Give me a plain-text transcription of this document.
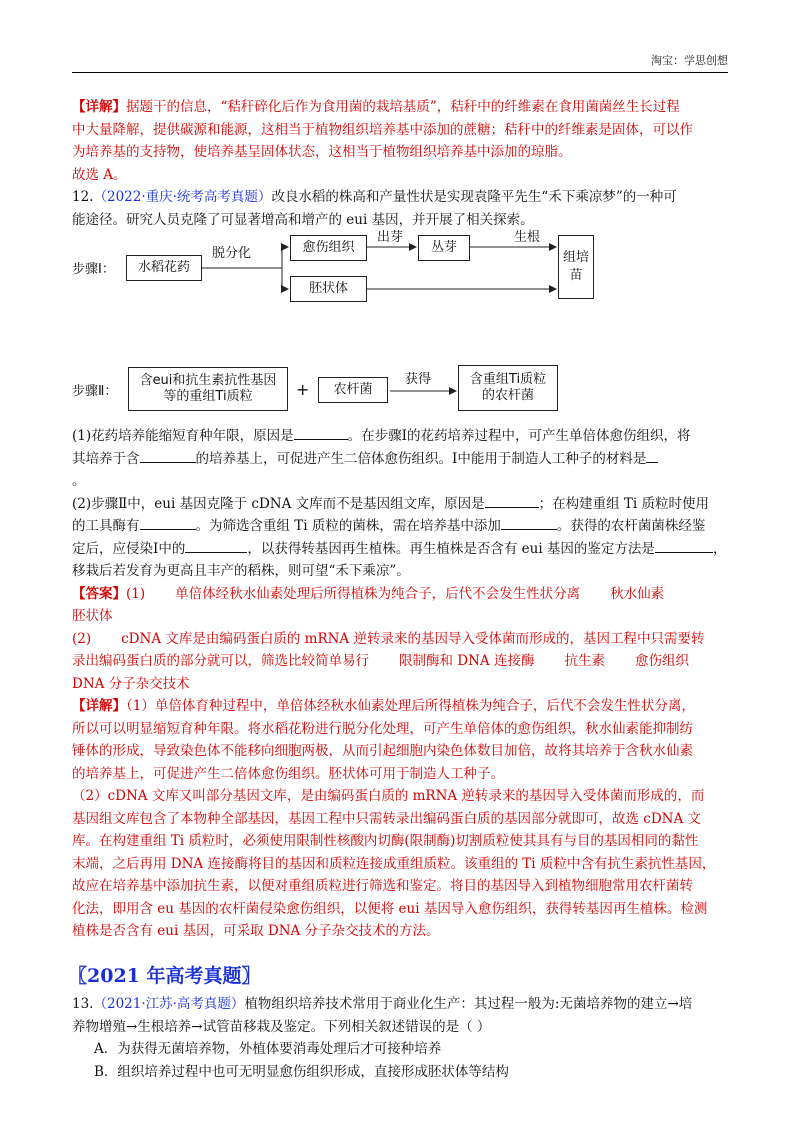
淘宝：学思创想

【详解】据题干的信息，“秸秆碎化后作为食用菌的栽培基质”，秸秆中的纤维素在食用菌菌丝生长过程

中大量降解，提供碳源和能源，这相当于植物组织培养基中添加的蔗糖；秸秆中的纤维素是固体，可以作

为培养基的支持物，使培养基呈固体状态，这相当于植物组织培养基中添加的琼脂。

故选 A。

12.（2022·重庆·统考高考真题）改良水稻的株高和产量性状是实现袁隆平先生“禾下乘凉梦”的一种可

能途径。研究人员克隆了可显著增高和增产的 eui 基因，并开展了相关探索。

步骤Ⅰ：	水稻花药
脱分化	愈伤组织
出芽
丛芽
生根
组培苗
胚状体
步骤Ⅱ：
含eui和抗生素抗性基因等的重组Ti质粒	+	农杆菌
获得	含重组Ti质粒的农杆菌

(1)花药培养能缩短育种年限，原因是	。在步骤Ⅰ的花药培养过程中，可产生单倍体愈伤组织，将

其培养于含	的培养基上，可促进产生二倍体愈伤组织。Ⅰ中能用于制造人工种子的材料是

。

(2)步骤Ⅱ中，eui 基因克隆于 cDNA 文库而不是基因组文库，原因是	；在构建重组 Ti 质粒时使用

的工具酶有	。为筛选含重组 Ti 质粒的菌株，需在培养基中添加	。获得的农杆菌菌株经鉴

定后，应侵染Ⅰ中的	，以获得转基因再生植株。再生植株是否含有 eui 基因的鉴定方法是	，

移栽后若发育为更高且丰产的稻株，则可望“禾下乘凉”。

【答案】(1) 单倍体经秋水仙素处理后所得植株为纯合子，后代不会发生性状分离 秋水仙素

胚状体

(2) cDNA 文库是由编码蛋白质的 mRNA 逆转录来的基因导入受体菌而形成的，基因工程中只需要转

录出编码蛋白质的部分就可以，筛选比较简单易行 限制酶和 DNA 连接酶 抗生素 愈伤组织

DNA 分子杂交技术

【详解】（1）单倍体育种过程中，单倍体经秋水仙素处理后所得植株为纯合子，后代不会发生性状分离，

所以可以明显缩短育种年限。将水稻花粉进行脱分化处理，可产生单倍体的愈伤组织，秋水仙素能抑制纺

锤体的形成，导致染色体不能移向细胞两极，从而引起细胞内染色体数目加倍，故将其培养于含秋水仙素

的培养基上，可促进产生二倍体愈伤组织。胚状体可用于制造人工种子。

（2）cDNA 文库又叫部分基因文库，是由编码蛋白质的 mRNA 逆转录来的基因导入受体菌而形成的，而

基因组文库包含了本物种全部基因，基因工程中只需转录出编码蛋白质的基因部分就即可，故选 cDNA 文

库。在构建重组 Ti 质粒时，必须使用限制性核酸内切酶(限制酶)切割质粒使其具有与目的基因相同的黏性

末端，之后再用 DNA 连接酶将目的基因和质粒连接成重组质粒。该重组的 Ti 质粒中含有抗生素抗性基因，

故应在培养基中添加抗生素，以便对重组质粒进行筛选和鉴定。将目的基因导入到植物细胞常用农杆菌转

化法，即用含 eu 基因的农杆菌侵染愈伤组织，以便将 eui 基因导入愈伤组织，获得转基因再生植株。检测

植株是否含有 eui 基因，可采取 DNA 分子杂交技术的方法。

〖2021 年高考真题〗

13.（2021·江苏·高考真题）植物组织培养技术常用于商业化生产：其过程一般为:无菌培养物的建立→培

养物增殖→生根培养→试管苗移栽及鉴定。下列相关叙述错误的是（ ）

A．为获得无菌培养物，外植体要消毒处理后才可接种培养

B．组织培养过程中也可无明显愈伤组织形成，直接形成胚状体等结构
